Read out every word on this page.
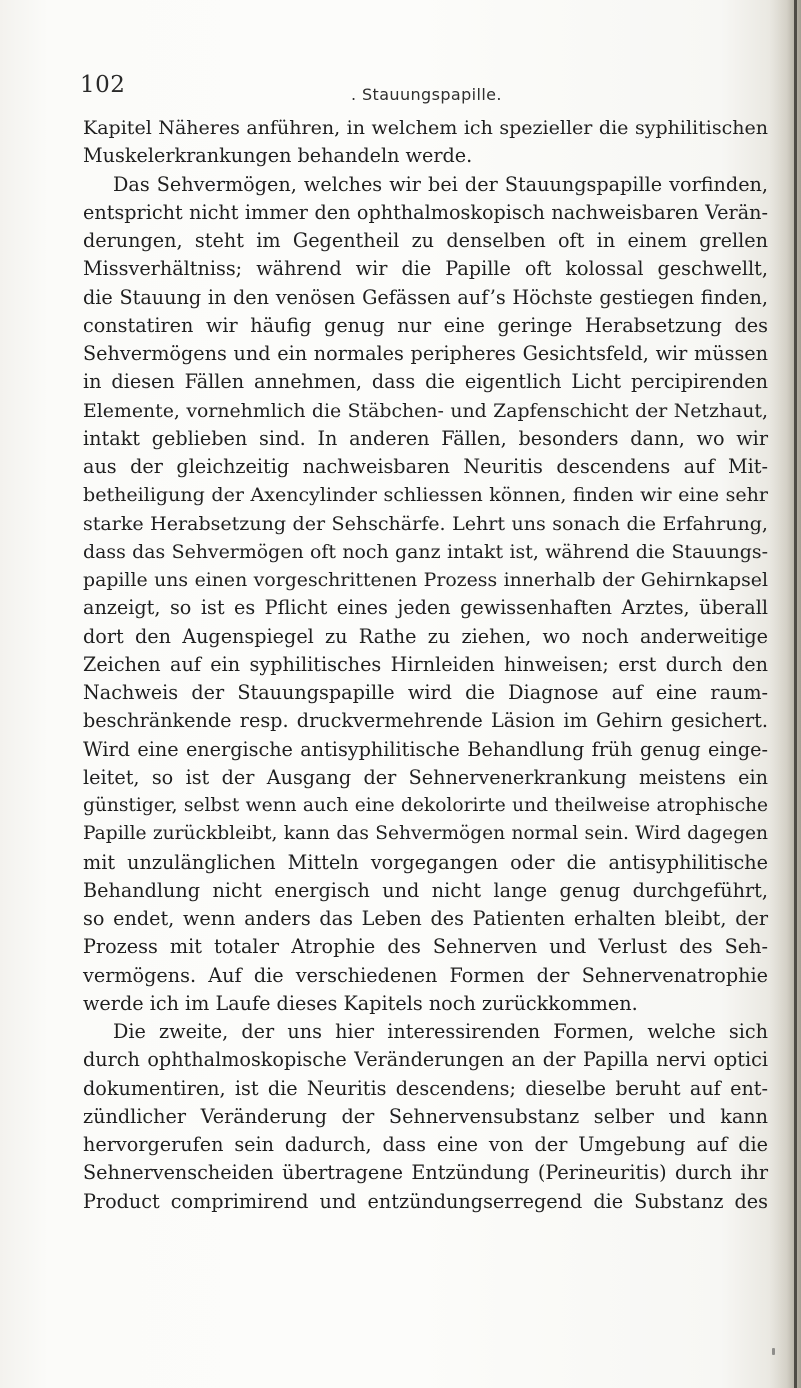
102	. Stauungspapille.
Kapitel Näheres anführen, in welchem ich spezieller die syphilitischen
Muskelerkrankungen behandeln werde.
Das Sehvermögen, welches wir bei der Stauungspapille vorfinden,
entspricht nicht immer den ophthalmoskopisch nachweisbaren Verän-
derungen, steht im Gegentheil zu denselben oft in einem grellen
Missverhältniss; während wir die Papille oft kolossal geschwellt,
die Stauung in den venösen Gefässen auf’s Höchste gestiegen finden,
constatiren wir häufig genug nur eine geringe Herabsetzung des
Sehvermögens und ein normales peripheres Gesichtsfeld, wir müssen
in diesen Fällen annehmen, dass die eigentlich Licht percipirenden
Elemente, vornehmlich die Stäbchen- und Zapfenschicht der Netzhaut,
intakt geblieben sind. In anderen Fällen, besonders dann, wo wir
aus der gleichzeitig nachweisbaren Neuritis descendens auf Mit-
betheiligung der Axencylinder schliessen können, finden wir eine sehr
starke Herabsetzung der Sehschärfe. Lehrt uns sonach die Erfahrung,
dass das Sehvermögen oft noch ganz intakt ist, während die Stauungs-
papille uns einen vorgeschrittenen Prozess innerhalb der Gehirnkapsel
anzeigt, so ist es Pflicht eines jeden gewissenhaften Arztes, überall
dort den Augenspiegel zu Rathe zu ziehen, wo noch anderweitige
Zeichen auf ein syphilitisches Hirnleiden hinweisen; erst durch den
Nachweis der Stauungspapille wird die Diagnose auf eine raum-
beschränkende resp. druckvermehrende Läsion im Gehirn gesichert.
Wird eine energische antisyphilitische Behandlung früh genug einge-
leitet, so ist der Ausgang der Sehnervenerkrankung meistens ein
günstiger, selbst wenn auch eine dekolorirte und theilweise atrophische
Papille zurückbleibt, kann das Sehvermögen normal sein. Wird dagegen
mit unzulänglichen Mitteln vorgegangen oder die antisyphilitische
Behandlung nicht energisch und nicht lange genug durchgeführt,
so endet, wenn anders das Leben des Patienten erhalten bleibt, der
Prozess mit totaler Atrophie des Sehnerven und Verlust des Seh-
vermögens. Auf die verschiedenen Formen der Sehnervenatrophie
werde ich im Laufe dieses Kapitels noch zurückkommen.
Die zweite, der uns hier interessirenden Formen, welche sich
durch ophthalmoskopische Veränderungen an der Papilla nervi optici
dokumentiren, ist die Neuritis descendens; dieselbe beruht auf ent-
zündlicher Veränderung der Sehnervensubstanz selber und kann
hervorgerufen sein dadurch, dass eine von der Umgebung auf die
Sehnervenscheiden übertragene Entzündung (Perineuritis) durch ihr
Product comprimirend und entzündungserregend die Substanz des
